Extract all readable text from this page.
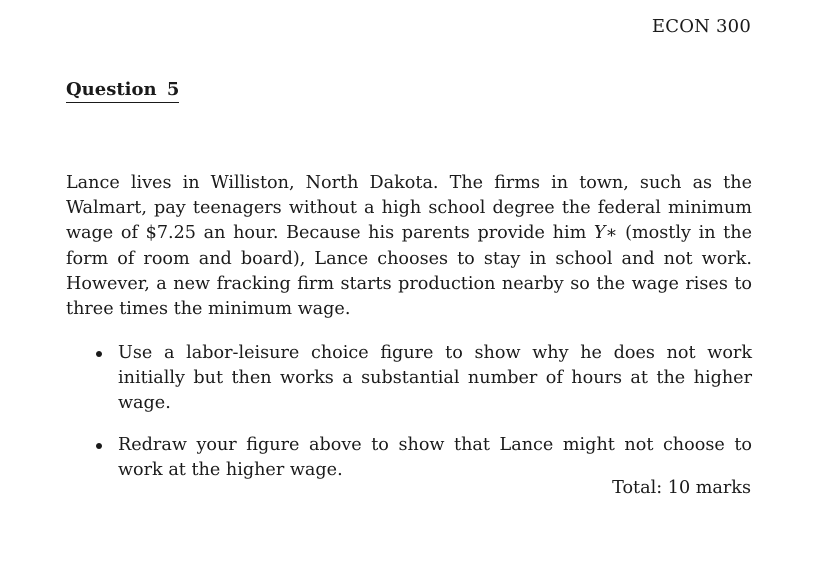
ECON 300
Question 5
Lance lives in Williston, North Dakota. The firms in town, such as the Walmart, pay teenagers without a high school degree the federal minimum wage of $7.25 an hour. Because his parents provide him Y∗ (mostly in the form of room and board), Lance chooses to stay in school and not work. However, a new fracking firm starts production nearby so the wage rises to three times the minimum wage.
Use a labor-leisure choice figure to show why he does not work initially but then works a substantial number of hours at the higher wage.
Redraw your figure above to show that Lance might not choose to work at the higher wage.
Total: 10 marks
